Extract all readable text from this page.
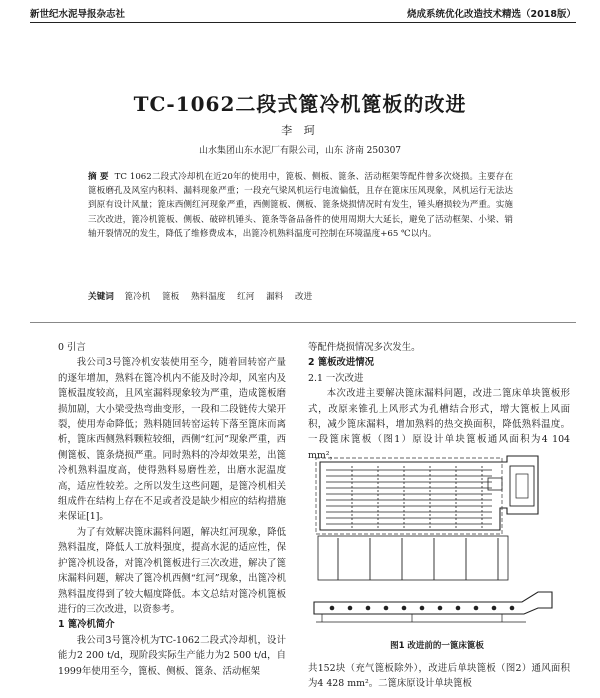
新世纪水泥导报杂志社	烧成系统优化改造技术精选（2018版）
TC-1062二段式篦冷机篦板的改进
李 珂
山水集团山东水泥厂有限公司，山东 济南 250307
摘 要 TC 1062二段式冷却机在近20年的使用中，篦板、侧板、篦条、活动框架等配件曾多次烧损。主要存在篦板磨孔及风室内积料、漏料现象严重；一段充气梁风机运行电流偏低，且存在篦床压风现象，风机运行无法达到原有设计风量；篦床西侧红河现象严重，西侧篦板、侧板、篦条烧损情况时有发生，锤头磨损较为严重。实施三次改进，篦冷机篦板、侧板、破碎机锤头、篦条等备品备件的使用周期大大延长，避免了活动框架、小梁、销轴开裂情况的发生，降低了维修费成本，出篦冷机熟料温度可控制在环境温度+65 ℃以内。
关键词 篦冷机 篦板 熟料温度 红河 漏料 改进

0 引言

我公司3号篦冷机安装使用至今，随着回转窑产量的逐年增加，熟料在篦冷机内不能及时冷却，风室内及篦板温度较高，且风室漏料现象较为严重，造成篦板磨损加剧，大小梁受热弯曲变形，一段和二段链传大梁开裂，使用寿命降低；熟料随回转窑运转下落至篦床而离析，篦床西侧熟料颗粒较细，西侧“红河”现象严重，西侧篦板、篦条烧损严重。同时熟料的冷却效果差，出篦冷机熟料温度高，使得熟料易磨性差，出磨水泥温度高，适应性较差。之所以发生这些问题，是篦冷机相关组成件在结构上存在不足或者没是缺少相应的结构措施来保证[1]。

为了有效解决篦床漏料问题，解决红河现象，降低熟料温度，降低人工放料强度，提高水泥的适应性，保护篦冷机设备，对篦冷机篦板进行三次改进，解决了篦床漏料问题，解决了篦冷机西侧“红河”现象，出篦冷机熟料温度得到了较大幅度降低。本文总结对篦冷机篦板进行的三次改进，以资参考。

1 篦冷机简介

我公司3号篦冷机为TC-1062二段式冷却机，设计能力2 200 t/d，现阶段实际生产能力为2 500 t/d，自1999年使用至今，篦板、侧板、篦条、活动框架

等配件烧损情况多次发生。

2 篦板改进情况

2.1 一次改进

本次改进主要解决篦床漏料问题，改进二篦床单块篦板形式，改原来锥孔上风形式为孔槽结合形式，增大篦板上风面积，减少篦床漏料，增加熟料的热交换面积，降低熟料温度。一段篦床篦板（图1）原设计单块篦板通风面积为4 104 mm²，

图1 改进前的一篦床篦板

共152块（充气篦板除外），改进后单块篦板（图2）通风面积为4 428 mm²。二篦床原设计单块篦板
